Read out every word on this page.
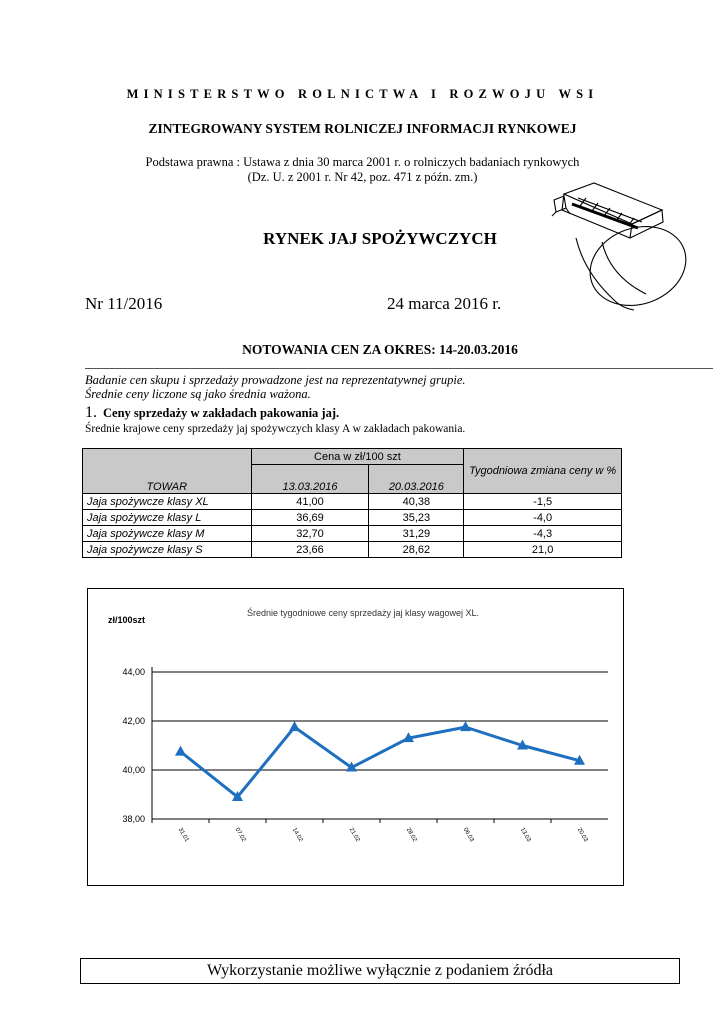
MINISTERSTWO ROLNICTWA I ROZWOJU WSI
ZINTEGROWANY SYSTEM ROLNICZEJ INFORMACJI RYNKOWEJ
Podstawa prawna : Ustawa z dnia 30 marca 2001 r. o rolniczych badaniach rynkowych
(Dz. U. z 2001 r. Nr 42, poz. 471 z późn. zm.)
RYNEK JAJ SPOŻYWCZYCH
Nr 11/2016	24 marca 2016 r.
NOTOWANIA CEN ZA OKRES: 14-20.03.2016
Badanie cen skupu i sprzedaży prowadzone jest na reprezentatywnej grupie.
Średnie ceny liczone są jako średnia ważona.
1. Ceny sprzedaży w zakładach pakowania jaj.
Średnie krajowe ceny sprzedaży jaj spożywczych klasy A w zakładach pakowania.
TOWAR	Cena w zł/100 szt		Tygodniowa zmiana ceny w %
	13.03.2016	20.03.2016	
Jaja spożywcze klasy XL	41,00	40,38	-1,5
Jaja spożywcze klasy L	36,69	35,23	-4,0
Jaja spożywcze klasy M	32,70	31,29	-4,3
Jaja spożywcze klasy S	23,66	28,62	21,0
Średnie tygodniowe ceny sprzedaży jaj klasy wagowej XL.
zł/100szt
38,00
40,00
42,00
44,00
31.01	07.02	14.02	21.02	28.02	06.03	13.03	20.03
Wykorzystanie możliwe wyłącznie z podaniem źródła
